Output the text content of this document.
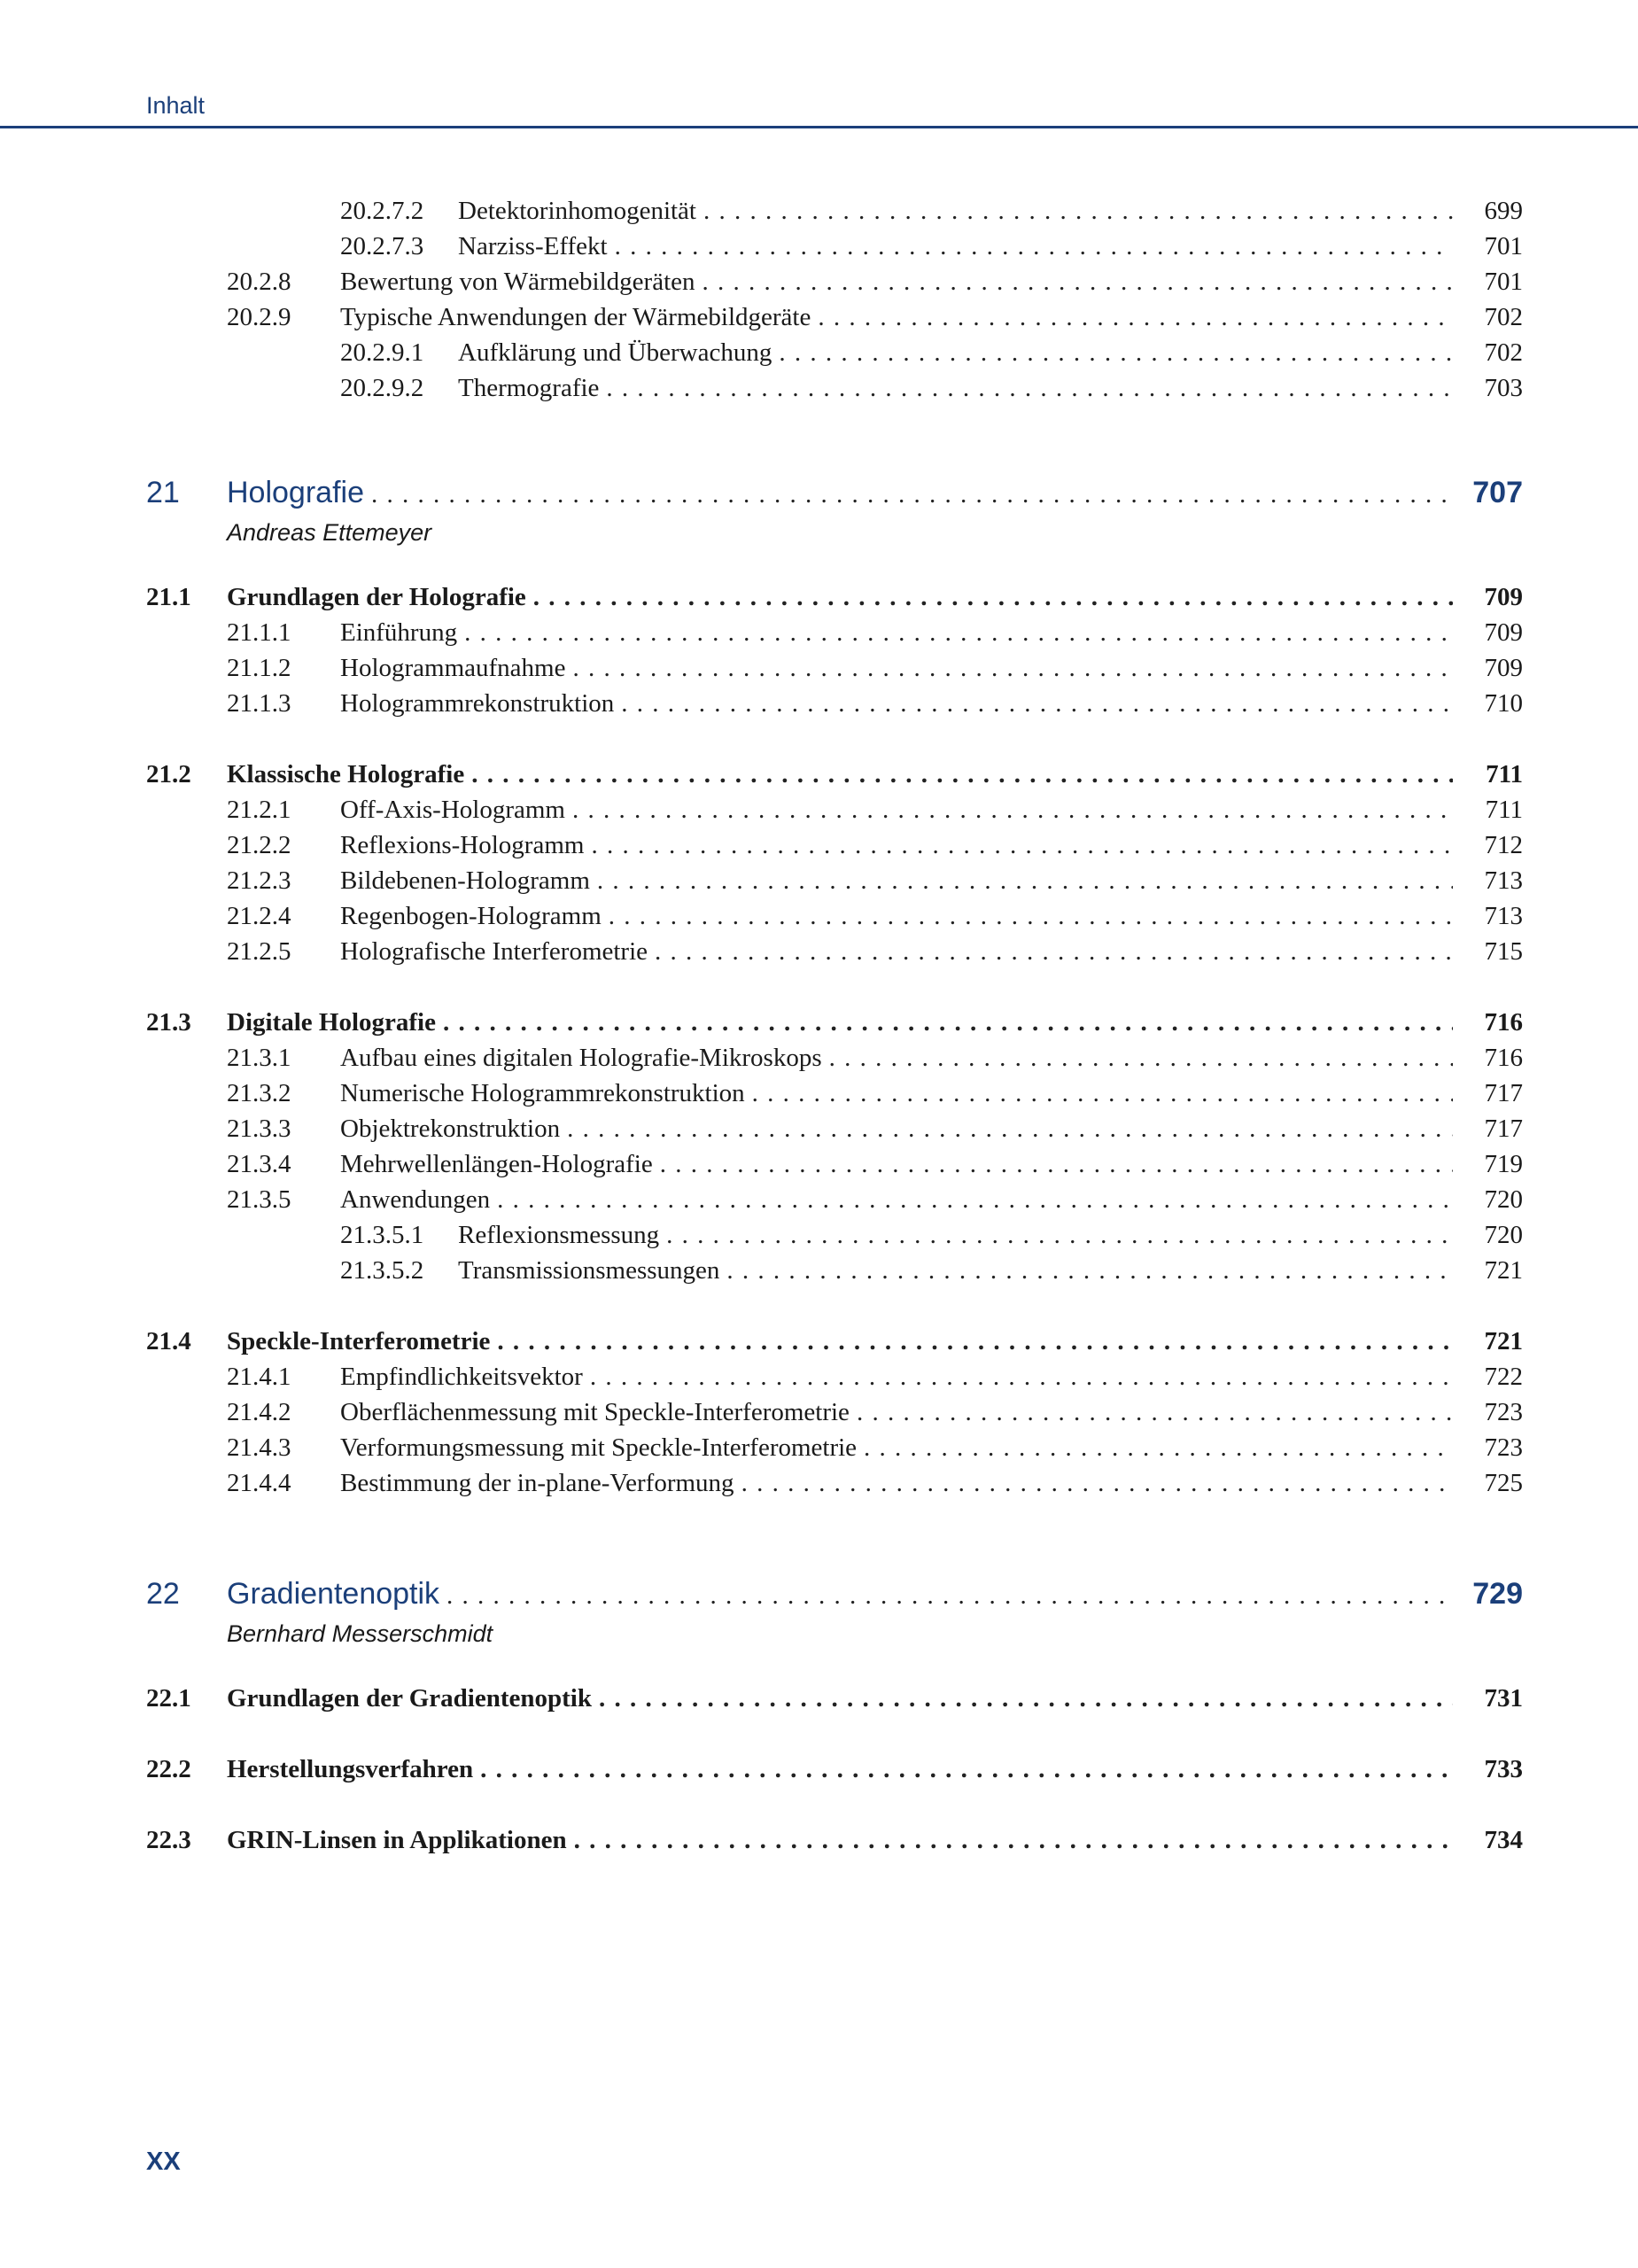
Inhalt
20.2.7.2 Detektorinhomogenität . . .	699
20.2.7.3 Narziss-Effekt . . .	701
20.2.8 Bewertung von Wärmebildgeräten . . .	701
20.2.9 Typische Anwendungen der Wärmebildgeräte . . .	702
20.2.9.1 Aufklärung und Überwachung . . .	702
20.2.9.2 Thermografie . . .	703
21 Holografie . . .	707
Andreas Ettemeyer
21.1 Grundlagen der Holografie . . .	709
21.1.1 Einführung . . .	709
21.1.2 Hologrammaufnahme . . .	709
21.1.3 Hologrammrekonstruktion . . .	710
21.2 Klassische Holografie . . .	711
21.2.1 Off-Axis-Hologramm . . .	711
21.2.2 Reflexions-Hologramm . . .	712
21.2.3 Bildebenen-Hologramm . . .	713
21.2.4 Regenbogen-Hologramm . . .	713
21.2.5 Holografische Interferometrie . . .	715
21.3 Digitale Holografie . . .	716
21.3.1 Aufbau eines digitalen Holografie-Mikroskops . . .	716
21.3.2 Numerische Hologrammrekonstruktion . . .	717
21.3.3 Objektrekonstruktion . . .	717
21.3.4 Mehrwellenlängen-Holografie . . .	719
21.3.5 Anwendungen . . .	720
21.3.5.1 Reflexionsmessung . . .	720
21.3.5.2 Transmissionsmessungen . . .	721
21.4 Speckle-Interferometrie . . .	721
21.4.1 Empfindlichkeitsvektor . . .	722
21.4.2 Oberflächenmessung mit Speckle-Interferometrie . . .	723
21.4.3 Verformungsmessung mit Speckle-Interferometrie . . .	723
21.4.4 Bestimmung der in-plane-Verformung . . .	725
22 Gradientenoptik . . .	729
Bernhard Messerschmidt
22.1 Grundlagen der Gradientenoptik . . .	731
22.2 Herstellungsverfahren . . .	733
22.3 GRIN-Linsen in Applikationen . . .	734
XX
